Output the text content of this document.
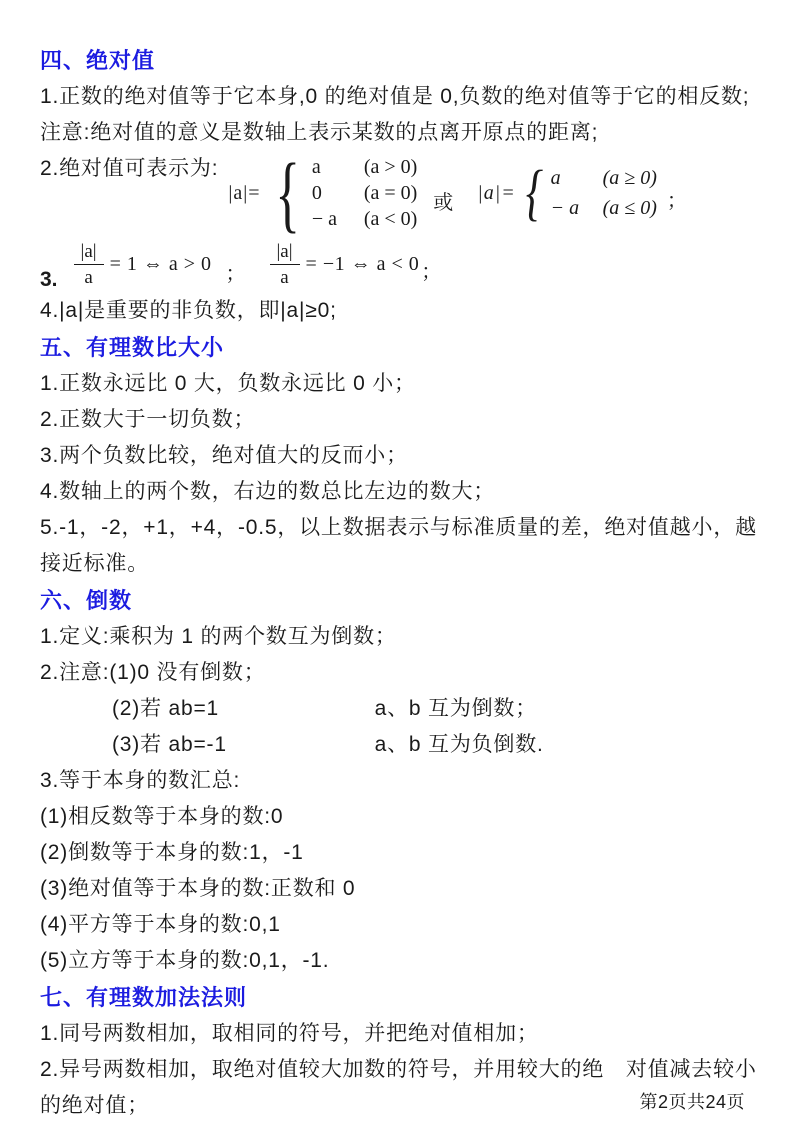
四、绝对值

1.正数的绝对值等于它本身,0 的绝对值是 0,负数的绝对值等于它的相反数;

注意:绝对值的意义是数轴上表示某数的点离开原点的距离;

2.绝对值可表示为:
|a|= { a	(a > 0)
0	(a = 0)
− a	(a < 0)
或 |a|= { a	(a ≥ 0)
− a	(a ≤ 0) ；
3. $\frac{|a|}{a} = 1$ ⇔ a > 0 ； $\frac{|a|}{a} = -1$ ⇔ a < 0 ；

4.|a|是重要的非负数，即|a|≥0;

五、有理数比大小

1.正数永远比 0 大，负数永远比 0 小；

2.正数大于一切负数；

3.两个负数比较，绝对值大的反而小；

4.数轴上的两个数，右边的数总比左边的数大；

5.-1，-2，+1，+4，-0.5，以上数据表示与标准质量的差，绝对值越小，越

接近标准。

六、倒数

1.定义:乘积为 1 的两个数互为倒数；

2.注意:(1)0 没有倒数；

(2)若 ab=1	a、b 互为倒数；

(3)若 ab=-1	a、b 互为负倒数.

3.等于本身的数汇总:

(1)相反数等于本身的数:0

(2)倒数等于本身的数:1，-1

(3)绝对值等于本身的数:正数和 0

(4)平方等于本身的数:0,1

(5)立方等于本身的数:0,1，-1.

七、有理数加法法则

1.同号两数相加，取相同的符号，并把绝对值相加；

2.异号两数相加，取绝对值较大加数的符号，并用较大的绝　对值减去较小

的绝对值；	第2页共24页
